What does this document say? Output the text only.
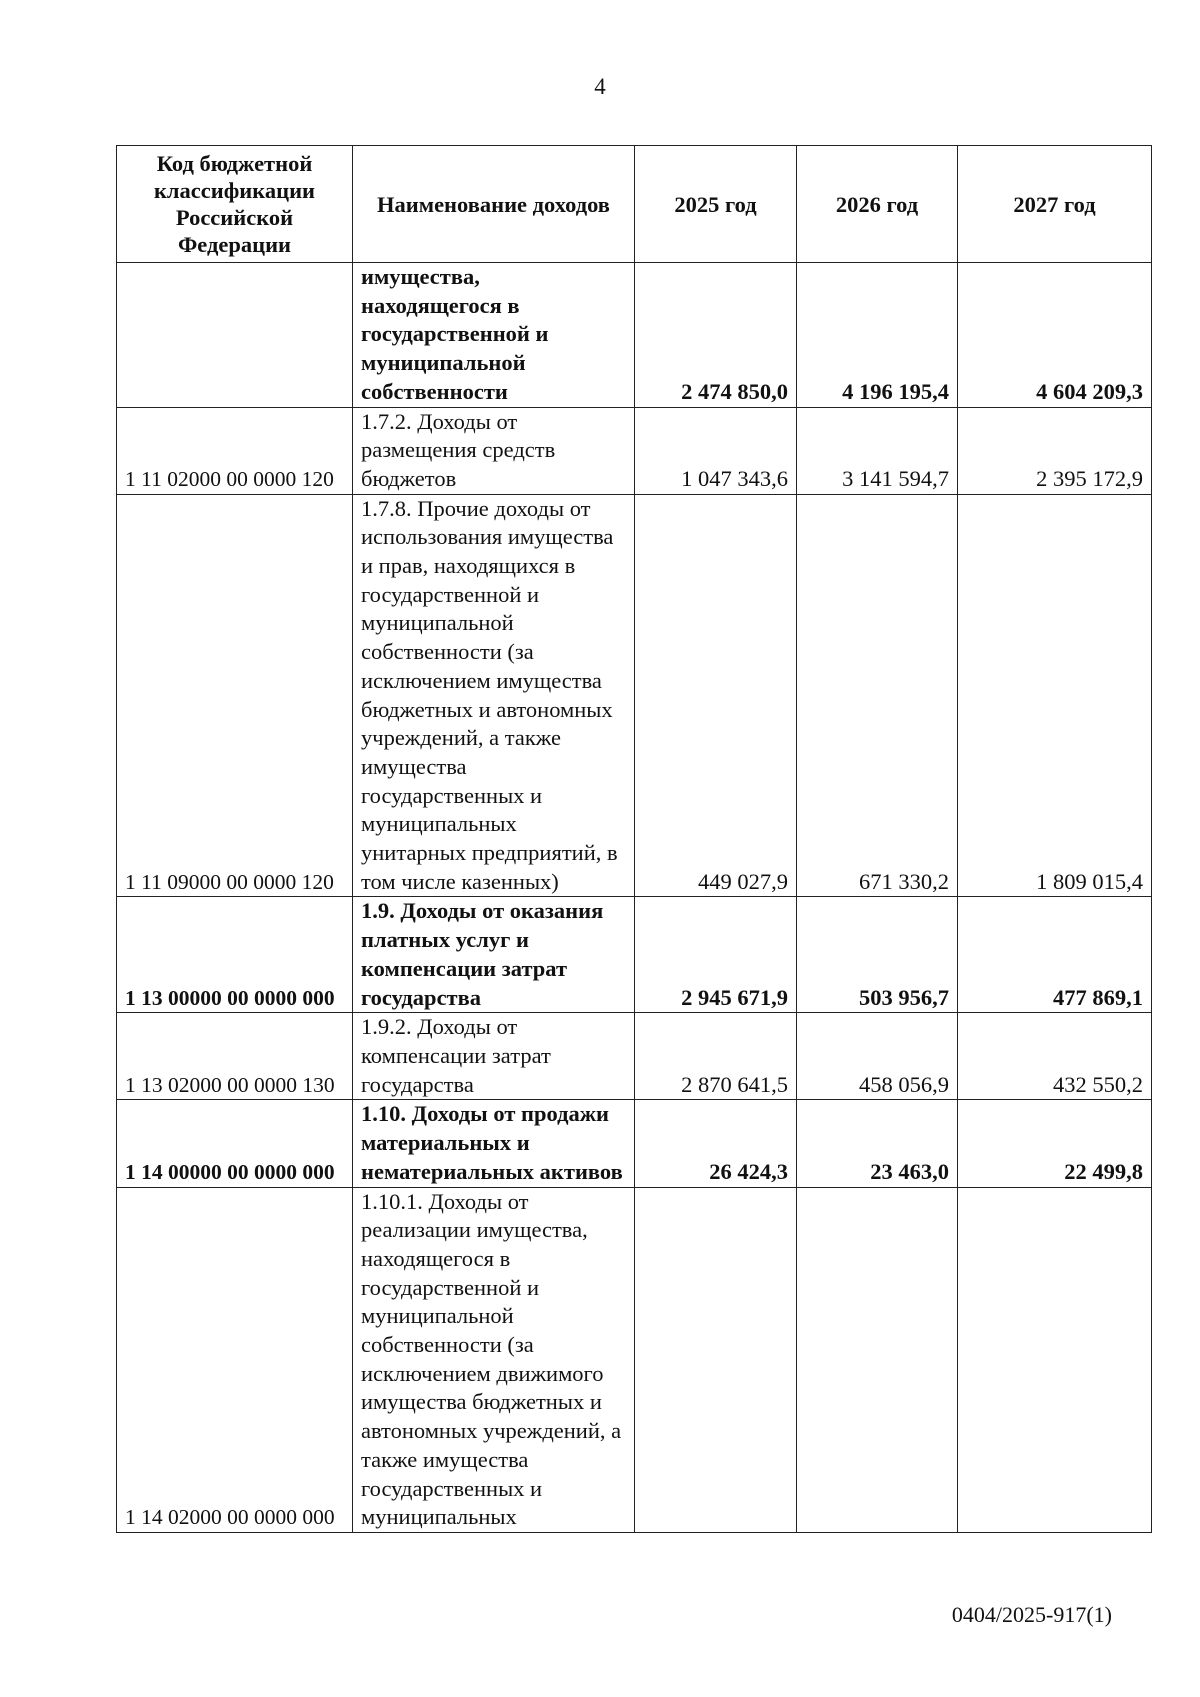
4
Код бюджетной классификации Российской Федерации	Наименование доходов	2025 год	2026 год	2027 год
	имущества, находящегося в государственной и муниципальной собственности	2 474 850,0	4 196 195,4	4 604 209,3
1 11 02000 00 0000 120	1.7.2. Доходы от размещения средств бюджетов	1 047 343,6	3 141 594,7	2 395 172,9
1 11 09000 00 0000 120	1.7.8. Прочие доходы от использования имущества и прав, находящихся в государственной и муниципальной собственности (за исключением имущества бюджетных и автономных учреждений, а также имущества государственных и муниципальных унитарных предприятий, в том числе казенных)	449 027,9	671 330,2	1 809 015,4
1 13 00000 00 0000 000	1.9. Доходы от оказания платных услуг и компенсации затрат государства	2 945 671,9	503 956,7	477 869,1
1 13 02000 00 0000 130	1.9.2. Доходы от компенсации затрат государства	2 870 641,5	458 056,9	432 550,2
1 14 00000 00 0000 000	1.10. Доходы от продажи материальных и нематериальных активов	26 424,3	23 463,0	22 499,8
1 14 02000 00 0000 000	1.10.1. Доходы от реализации имущества, находящегося в государственной и муниципальной собственности (за исключением движимого имущества бюджетных и автономных учреждений, а также имущества государственных и муниципальных			
0404/2025-917(1)
